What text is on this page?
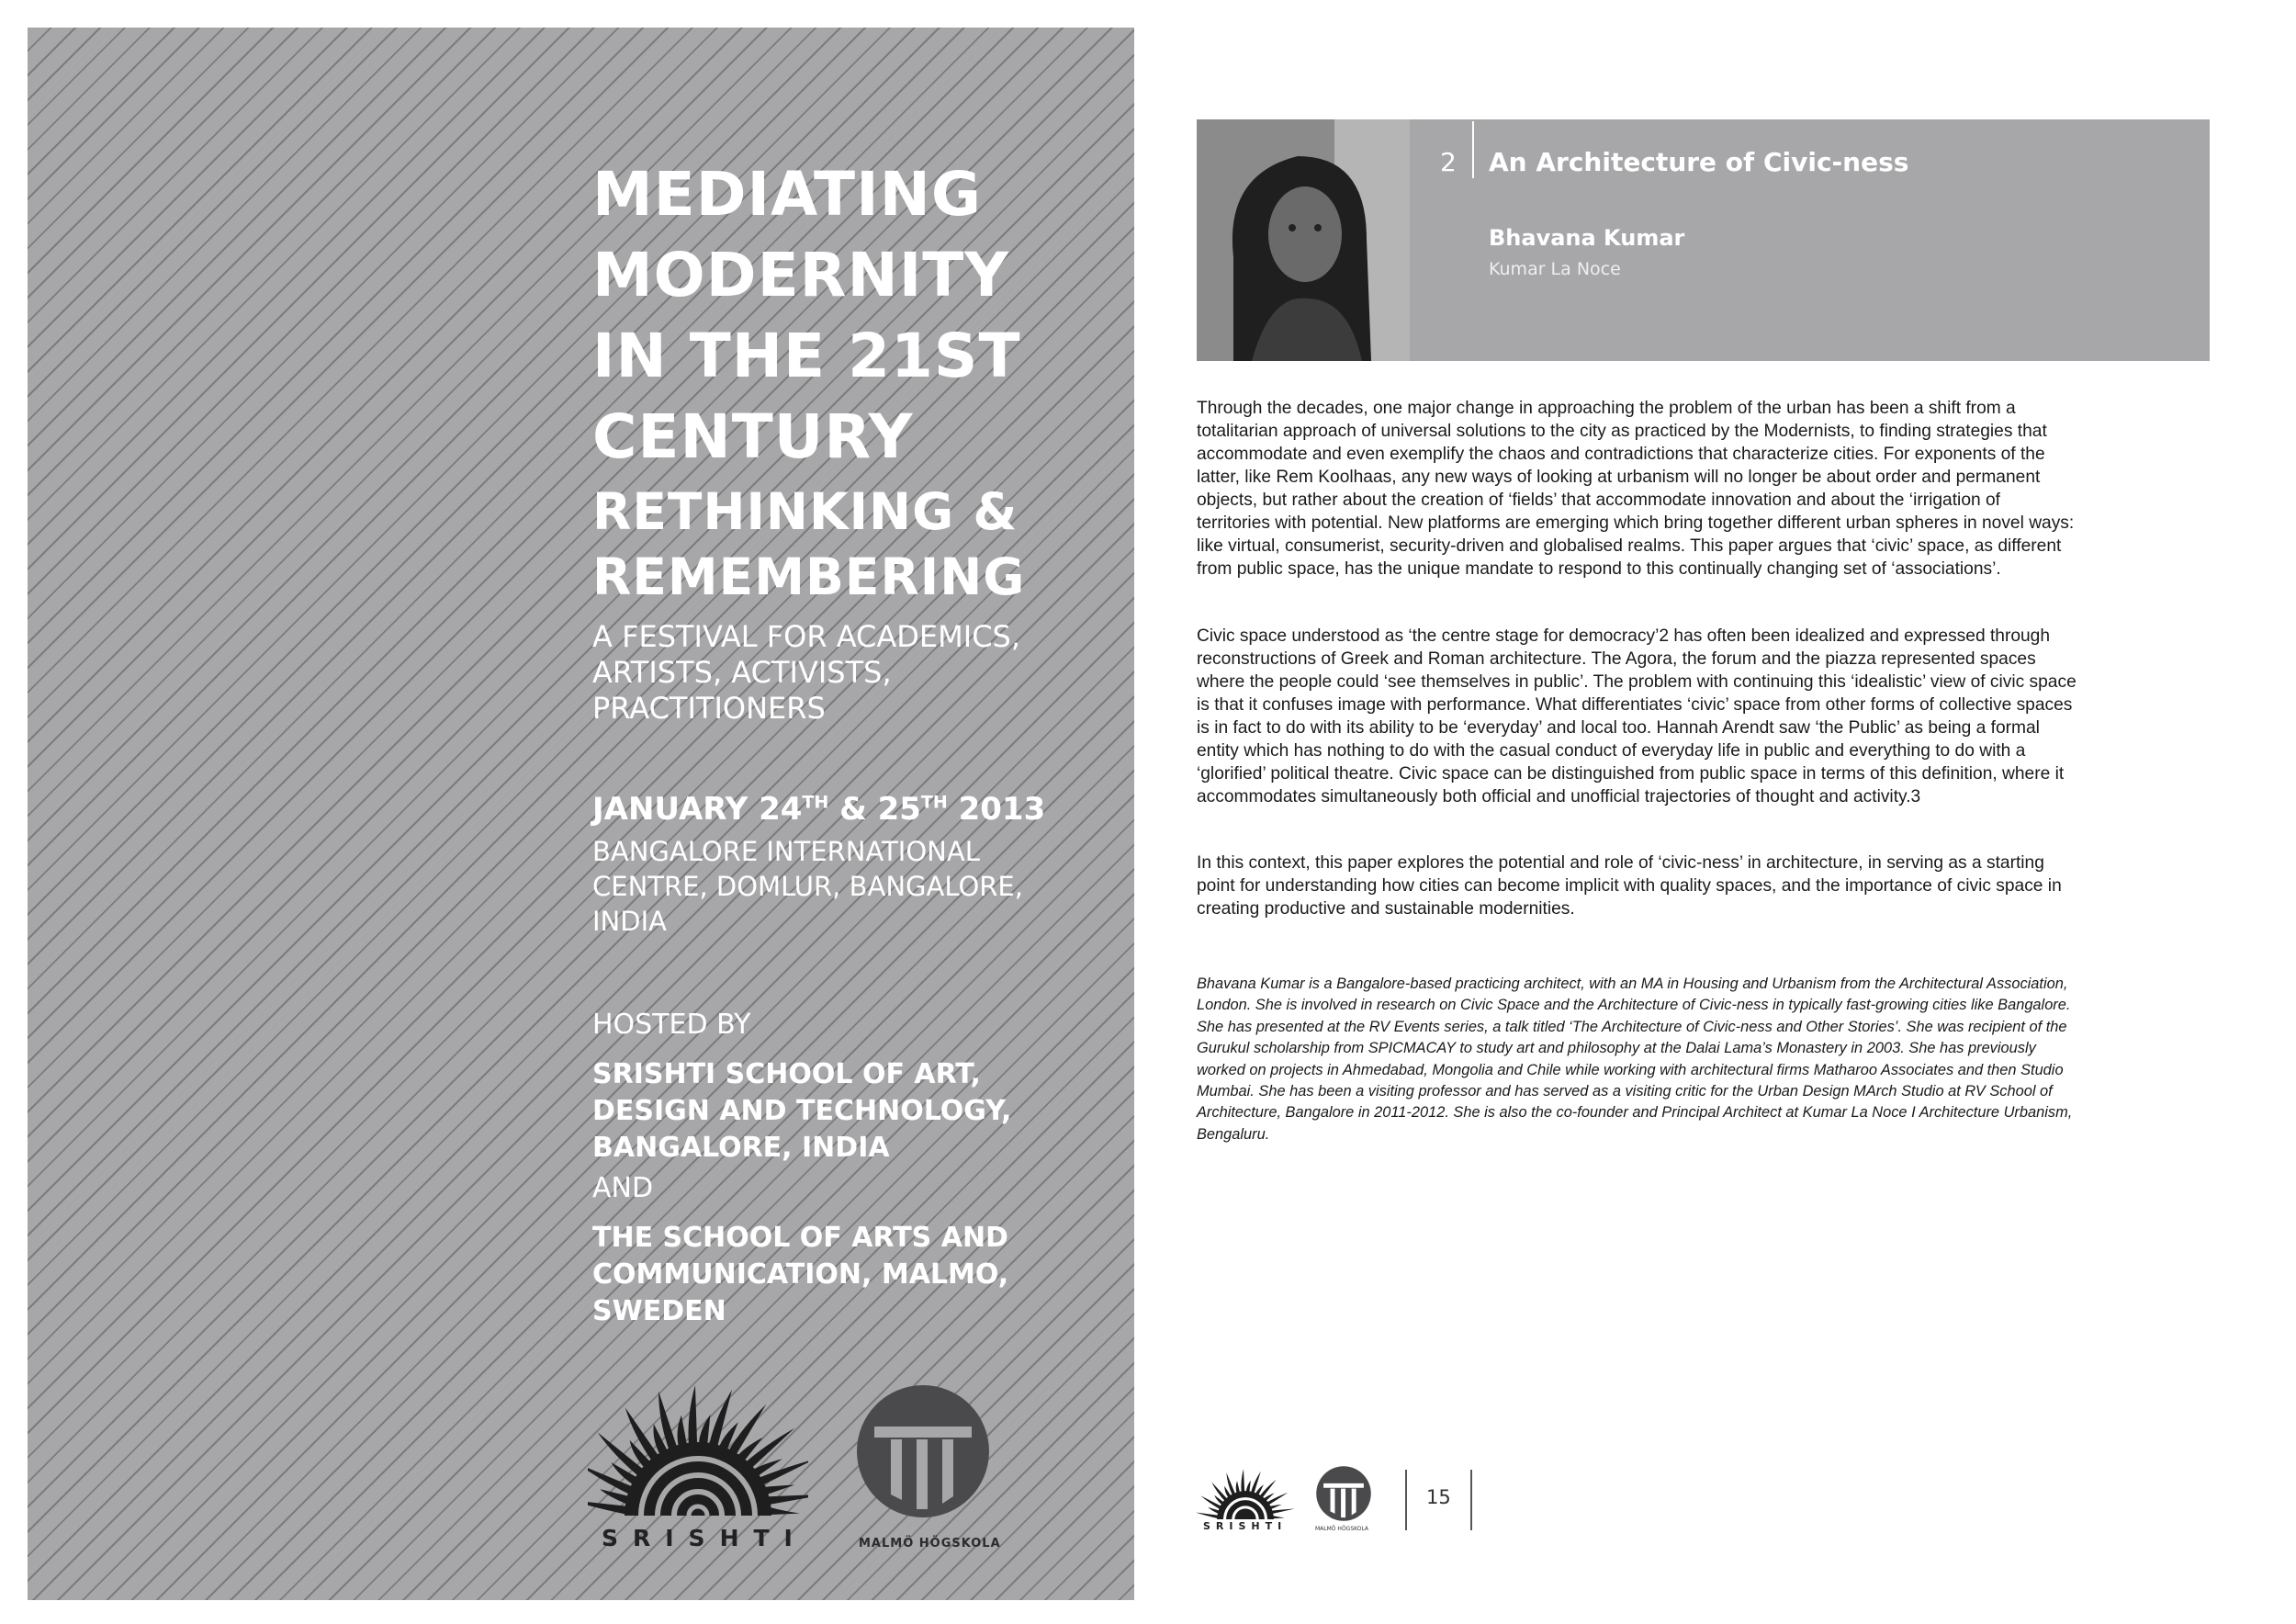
MEDIATING
MODERNITY
IN THE 21ST
CENTURY
RETHINKING &
REMEMBERING

A FESTIVAL FOR ACADEMICS,
ARTISTS, ACTIVISTS,
PRACTITIONERS

JANUARY 24TH & 25TH 2013

BANGALORE INTERNATIONAL
CENTRE, DOMLUR, BANGALORE,
INDIA

HOSTED BY

SRISHTI SCHOOL OF ART,
DESIGN AND TECHNOLOGY,
BANGALORE, INDIA

AND

THE SCHOOL OF ARTS AND
COMMUNICATION, MALMO,
SWEDEN

SRISHTI	MALMÖ HÖGSKOLA

2 An Architecture of Civic-ness

Bhavana Kumar

Kumar La Noce

Through the decades, one major change in approaching the problem of the urban has been a shift from a totalitarian approach of universal solutions to the city as practiced by the Modernists, to finding strategies that accommodate and even exemplify the chaos and contradictions that characterize cities. For exponents of the latter, like Rem Koolhaas, any new ways of looking at urbanism will no longer be about order and permanent objects, but rather about the creation of ‘fields’ that accommodate innovation and about the ‘irrigation of territories with potential. New platforms are emerging which bring together different urban spheres in novel ways: like virtual, consumerist, security-driven and globalised realms. This paper argues that ‘civic’ space, as different from public space, has the unique mandate to respond to this continually changing set of ‘associations’.

Civic space understood as ‘the centre stage for democracy’2 has often been idealized and expressed through reconstructions of Greek and Roman architecture. The Agora, the forum and the piazza represented spaces where the people could ‘see themselves in public’. The problem with continuing this ‘idealistic’ view of civic space is that it confuses image with performance. What differentiates ‘civic’ space from other forms of collective spaces is in fact to do with its ability to be ‘everyday’ and local too. Hannah Arendt saw ‘the Public’ as being a formal entity which has nothing to do with the casual conduct of everyday life in public and everything to do with a ‘glorified’ political theatre. Civic space can be distinguished from public space in terms of this definition, where it accommodates simultaneously both official and unofficial trajectories of thought and activity.3

In this context, this paper explores the potential and role of ‘civic-ness’ in architecture, in serving as a starting point for understanding how cities can become implicit with quality spaces, and the importance of civic space in creating productive and sustainable modernities.

Bhavana Kumar is a Bangalore-based practicing architect, with an MA in Housing and Urbanism from the Architectural Association, London. She is involved in research on Civic Space and the Architecture of Civic-ness in typically fast-growing cities like Bangalore. She has presented at the RV Events series, a talk titled ‘The Architecture of Civic-ness and Other Stories’. She was recipient of the Gurukul scholarship from SPICMACAY to study art and philosophy at the Dalai Lama’s Monastery in 2003. She has previously worked on projects in Ahmedabad, Mongolia and Chile while working with architectural firms Matharoo Associates and then Studio Mumbai. She has been a visiting professor and has served as a visiting critic for the Urban Design MArch Studio at RV School of Architecture, Bangalore in 2011-2012. She is also the co-founder and Principal Architect at Kumar La Noce I Architecture Urbanism, Bengaluru.

SRISHTI	MALMÖ HÖGSKOLA

15
